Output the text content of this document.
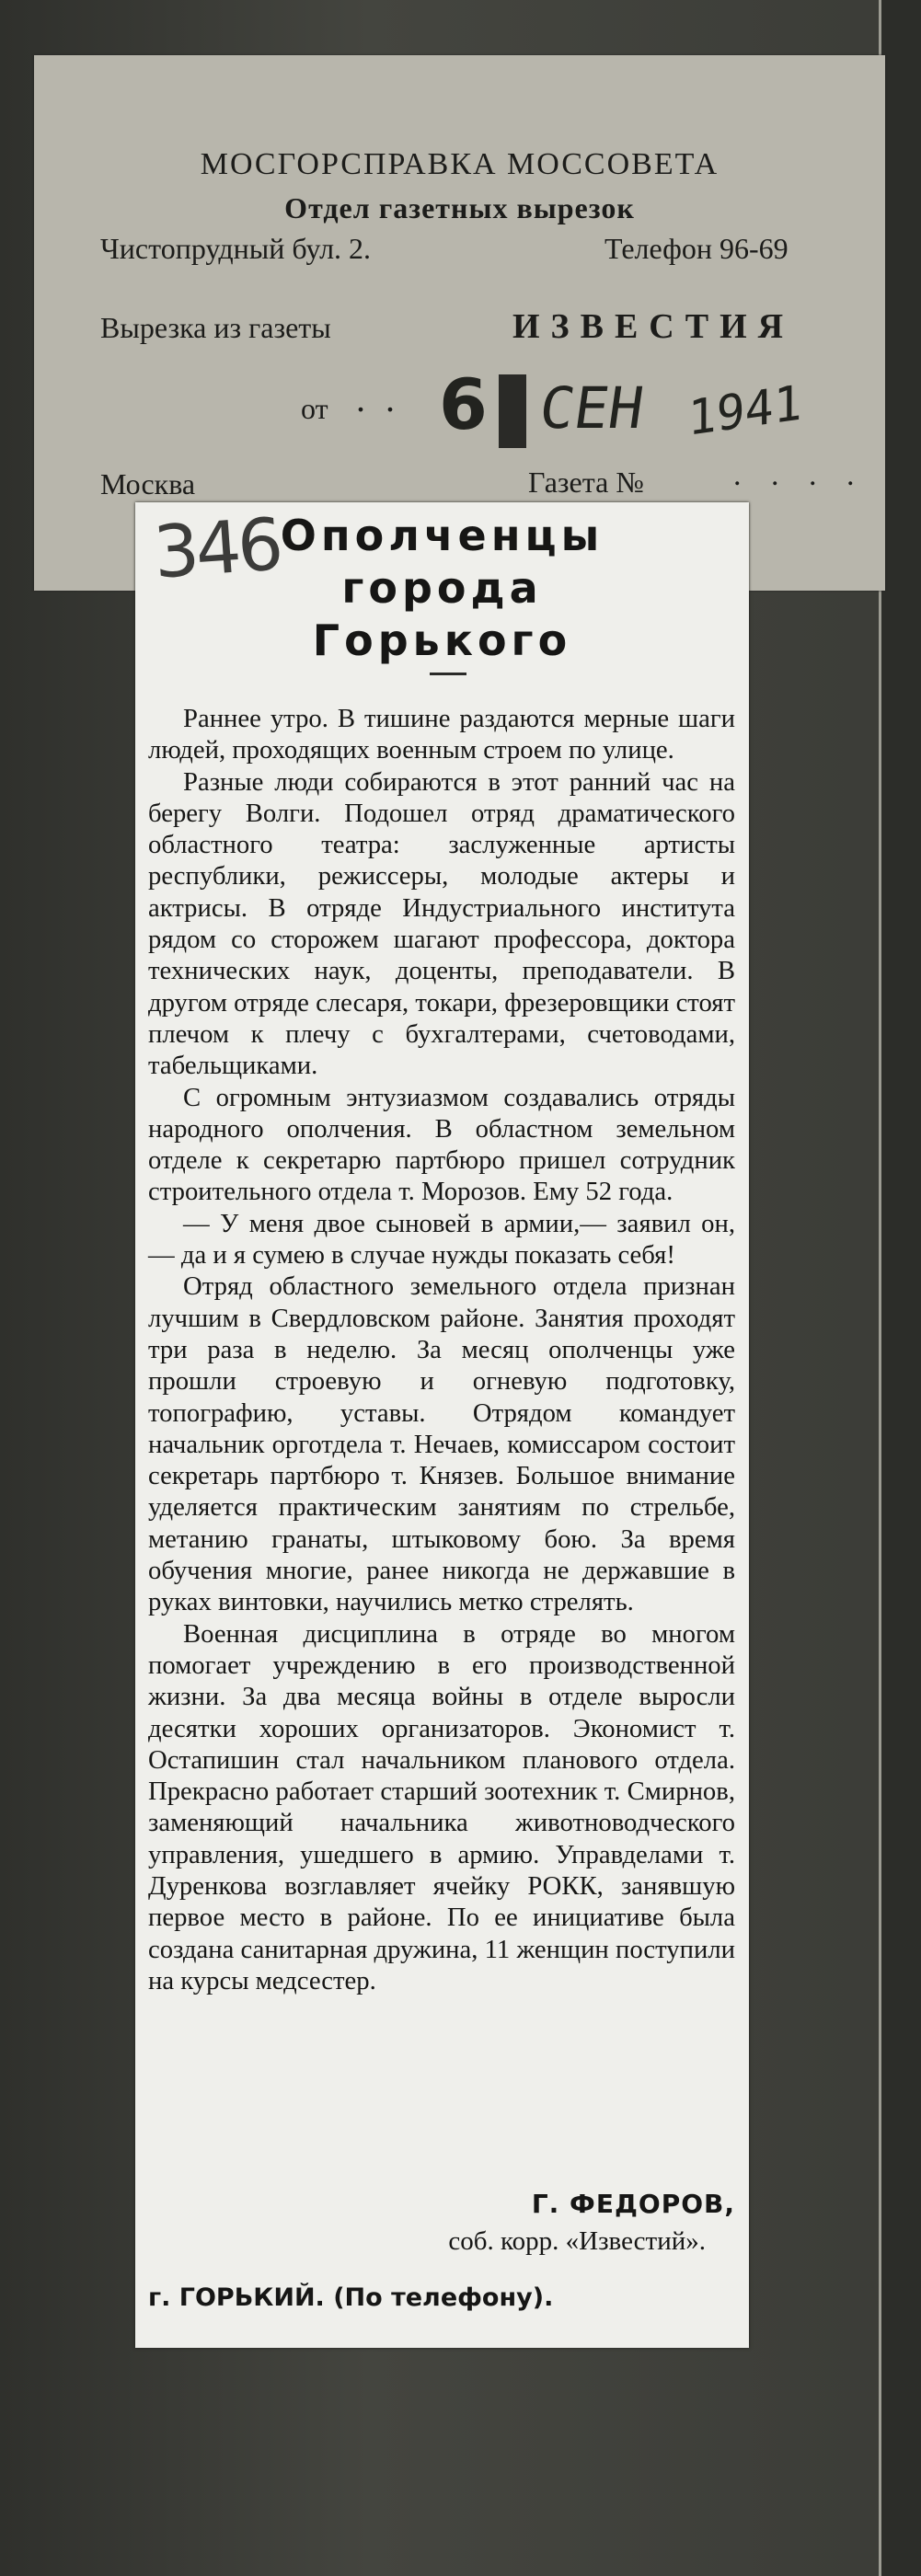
МОСГОРСПРАВКА МОССОВЕТА
Отдел газетных вырезок
Чистопрудный бул. 2.	Телефон 96-69
Вырезка из газеты	ИЗВЕСТИЯ
от . .
Москва	Газета №	. . . .
6 СЕН 1941
Ополченцы
города
Горького
346

Раннее утро. В тишине раздаются мерные шаги людей, проходящих военным строем по улице.

Разные люди собираются в этот ранний час на берегу Волги. Подошел отряд драматического областного театра: заслуженные артисты республики, режиссеры, молодые актеры и актрисы. В отряде Индустриального института рядом со сторожем шагают профессора, доктора технических наук, доценты, преподаватели. В другом отряде слесаря, токари, фрезеровщики стоят плечом к плечу с бухгалтерами, счетоводами, табельщиками.

С огромным энтузиазмом создавались отряды народного ополчения. В областном земельном отделе к секретарю партбюро пришел сотрудник строительного отдела т. Морозов. Ему 52 года.

— У меня двое сыновей в армии,— заявил он, — да и я сумею в случае нужды показать себя!

Отряд областного земельного отдела признан лучшим в Свердловском районе. Занятия проходят три раза в неделю. За месяц ополченцы уже прошли строевую и огневую подготовку, топографию, уставы. Отрядом командует начальник орготдела т. Нечаев, комиссаром состоит секретарь партбюро т. Князев. Большое внимание уделяется практическим занятиям по стрельбе, метанию гранаты, штыковому бою. За время обучения многие, ранее никогда не державшие в руках винтовки, научились метко стрелять.

Военная дисциплина в отряде во многом помогает учреждению в его производственной жизни. За два месяца войны в отделе выросли десятки хороших организаторов. Экономист т. Остапишин стал начальником планового отдела. Прекрасно работает старший зоотехник т. Смирнов, заменяющий начальника животноводческого управления, ушедшего в армию. Управделами т. Дуренкова возглавляет ячейку РОКК, занявшую первое место в районе. По ее инициативе была создана санитарная дружина, 11 женщин поступили на курсы медсестер.

Г. ФЕДОРОВ,
соб. корр. «Известий».
г. ГОРЬКИЙ. (По телефону).
